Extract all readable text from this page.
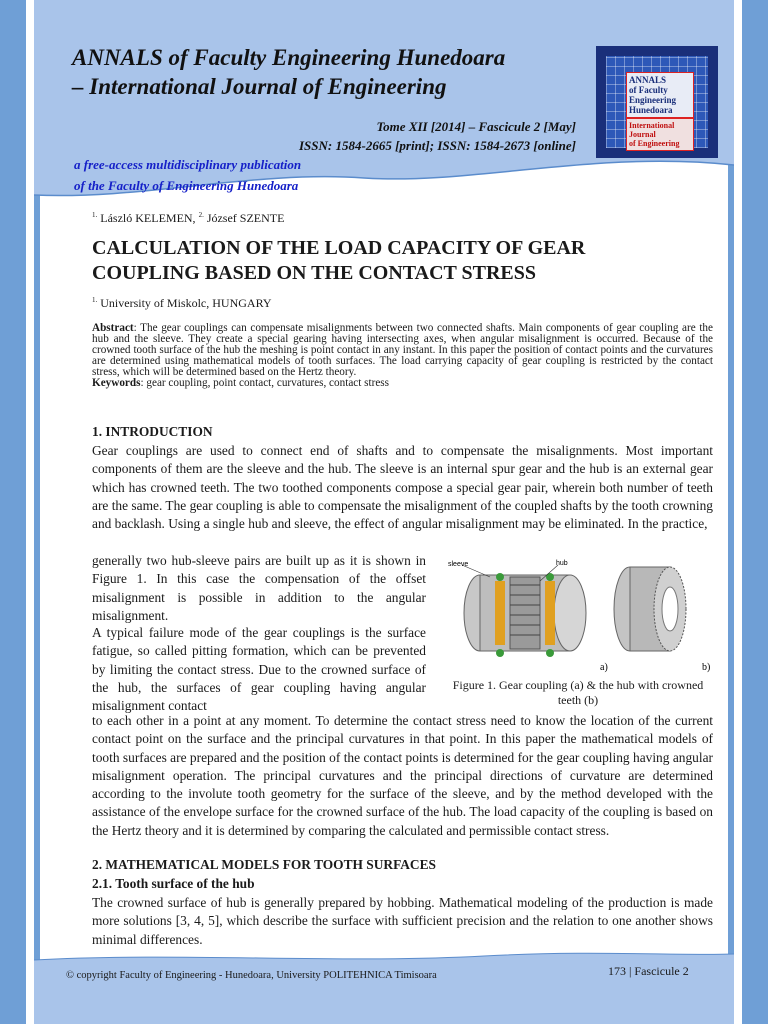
ANNALS of Faculty Engineering Hunedoara
– International Journal of Engineering
Tome XII [2014] – Fascicule 2 [May]
ISSN: 1584-2665 [print]; ISSN: 1584-2673 [online]
a free-access multidisciplinary publication
of the Faculty of Engineering Hunedoara
ANNALS
of Faculty
Engineering
Hunedoara
International
Journal
of Engineering
$^{1.}$ László KELEMEN, $^{2.}$ József SZENTE
CALCULATION OF THE LOAD CAPACITY OF GEAR
COUPLING BASED ON THE CONTACT STRESS
$^{1.}$ University of Miskolc, HUNGARY
Abstract: The gear couplings can compensate misalignments between two connected shafts. Main components of gear coupling are the hub and the sleeve. They create a special gearing having intersecting axes, when angular misalignment is occurred. Because of the crowned tooth surface of the hub the meshing is point contact in any instant. In this paper the position of contact points and the curvatures are determined using mathematical models of tooth surfaces. The load carrying capacity of gear coupling is restricted by the contact stress, which will be determined based on the Hertz theory.
Keywords: gear coupling, point contact, curvatures, contact stress
1. INTRODUCTION
Gear couplings are used to connect end of shafts and to compensate the misalignments. Most important components of them are the sleeve and the hub. The sleeve is an internal spur gear and the hub is an external gear which has crowned teeth. The two toothed components compose a special gear pair, wherein both number of teeth are the same. The gear coupling is able to compensate the misalignment of the coupled shafts by the tooth crowning and backlash. Using a single hub and sleeve, the effect of angular misalignment may be eliminated. In the practice,
generally two hub-sleeve pairs are built up as it is shown in Figure 1. In this case the compensation of the offset misalignment is possible in addition to the angular misalignment.
A typical failure mode of the gear couplings is the surface fatigue, so called pitting formation, which can be prevented by limiting the contact stress. Due to the crowned surface of the hub, the surfaces of gear coupling having angular misalignment contact
to each other in a point at any moment. To determine the contact stress need to know the location of the current contact point on the surface and the principal curvatures in that point. In this paper the mathematical models of tooth surfaces are prepared and the position of the contact points is determined for the gear coupling having angular misalignment operation. The principal curvatures and the principal directions of curvature are determined according to the involute tooth geometry for the surface of the sleeve, and by the method developed with the assistance of the envelope surface for the crowned surface of the hub. The load capacity of the coupling is based on the Hertz theory and it is determined by comparing the calculated and permissible contact stress.
2. MATHEMATICAL MODELS FOR TOOTH SURFACES
2.1. Tooth surface of the hub
The crowned surface of hub is generally prepared by hobbing. Mathematical modeling of the production is made more solutions [3, 4, 5], which describe the surface with sufficient precision and the relation to one another shows minimal differences.
sleeve	hub
a)	b)
Figure 1. Gear coupling (a) & the hub with crowned teeth (b)
© copyright Faculty of Engineering - Hunedoara, University POLITEHNICA Timisoara	173 | Fascicule 2
